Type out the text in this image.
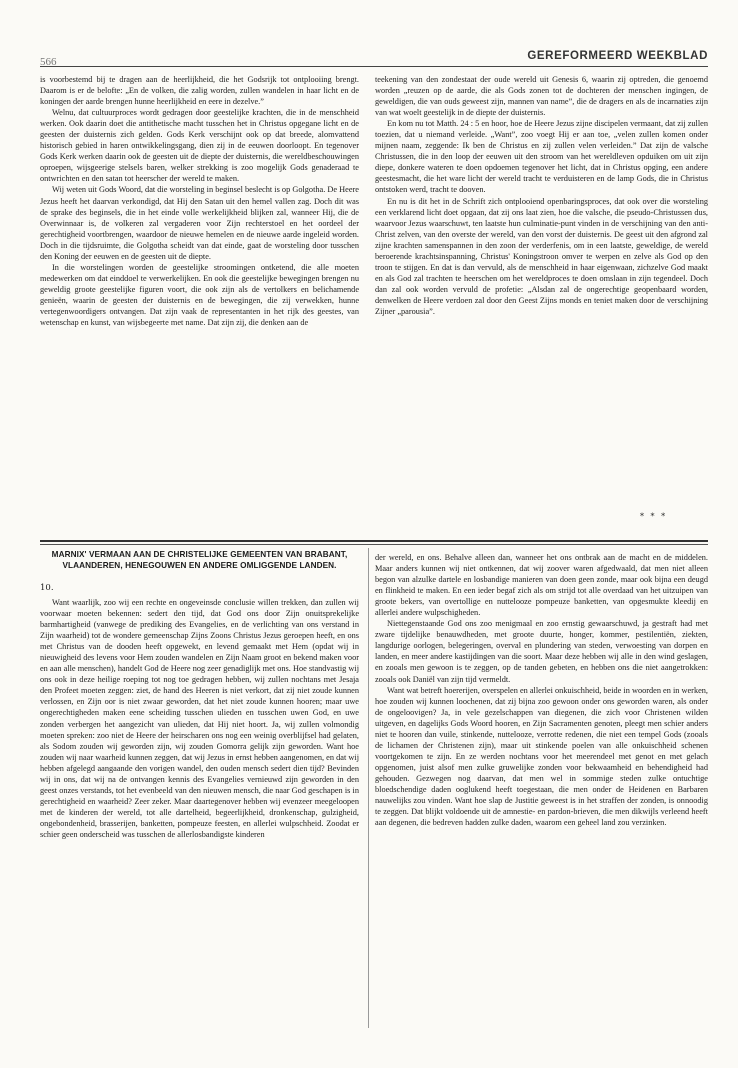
566	GEREFORMEERD WEEKBLAD

is voorbestemd bij te dragen aan de heerlijkheid, die het Godsrijk tot ontplooiing brengt. Daarom is er de belofte: „En de volken, die zalig worden, zullen wandelen in haar licht en de koningen der aarde brengen hunne heerlijkheid en eere in dezelve.”

Welnu, dat cultuurproces wordt gedragen door geestelijke krachten, die in de menschheid werken. Ook daarin doet die antithetische macht tusschen het in Christus opgegane licht en de geesten der duisternis zich gelden. Gods Kerk verschijnt ook op dat breede, alomvattend historisch gebied in haren ontwikkelingsgang, dien zij in de eeuwen doorloopt. En tegenover Gods Kerk werken daarin ook de geesten uit de diepte der duisternis, die wereldbeschouwingen oproepen, wijsgeerige stelsels baren, welker strekking is zoo mogelijk Gods genaderaad te ontwrichten en den satan tot heerscher der wereld te maken.

Wij weten uit Gods Woord, dat die worsteling in beginsel beslecht is op Golgotha. De Heere Jezus heeft het daarvan verkondigd, dat Hij den Satan uit den hemel vallen zag. Doch dit was de sprake des beginsels, die in het einde volle werkelijkheid blijken zal, wanneer Hij, die de Overwinnaar is, de volkeren zal vergaderen voor Zijn rechterstoel en het oordeel der gerechtigheid voortbrengen, waardoor de nieuwe hemelen en de nieuwe aarde ingeleid worden. Doch in die tijdsruimte, die Golgotha scheidt van dat einde, gaat de worsteling door tusschen den Koning der eeuwen en de geesten uit de diepte.

In die worstelingen worden de geestelijke stroomingen ontketend, die alle moeten medewerken om dat einddoel te verwerkelijken. En ook die geestelijke bewegingen brengen nu geweldig groote geestelijke figuren voort, die ook zijn als de vertolkers en belichamende genieën, waarin de geesten der duisternis en de bewegingen, die zij verwekken, hunne vertegenwoordigers ontvangen. Dat zijn vaak de representanten in het rijk des geestes, van wetenschap en kunst, van wijsbegeerte met name. Dat zijn zij, die denken aan de

teekening van den zondestaat der oude wereld uit Genesis 6, waarin zij optreden, die genoemd worden „reuzen op de aarde, die als Gods zonen tot de dochteren der menschen ingingen, de geweldigen, die van ouds geweest zijn, mannen van name”, die de dragers en als de incarnaties zijn van wat woelt geestelijk in de diepte der duisternis.

En kom nu tot Matth. 24 : 5 en hoor, hoe de Heere Jezus zijne discipelen vermaant, dat zij zullen toezien, dat u niemand verleide. „Want”, zoo voegt Hij er aan toe, „velen zullen komen onder mijnen naam, zeggende: Ik ben de Christus en zij zullen velen verleiden.” Dat zijn de valsche Christussen, die in den loop der eeuwen uit den stroom van het wereldleven opduiken om uit zijn diepe, donkere wateren te doen opdoemen tegenover het licht, dat in Christus opging, een andere geestesmacht, die het ware licht der wereld tracht te verduisteren en de lamp Gods, die in Christus ontstoken werd, tracht te dooven.

En nu is dit het in de Schrift zich ontplooiend openbaringsproces, dat ook over die worsteling een verklarend licht doet opgaan, dat zij ons laat zien, hoe die valsche, die pseudo-Christussen dus, waarvoor Jezus waarschuwt, ten laatste hun culminatie-punt vinden in de verschijning van den anti-Christ zelven, van den overste der wereld, van den vorst der duisternis. De geest uit den afgrond zal zijne krachten samenspannen in den zoon der verderfenis, om in een laatste, geweldige, de wereld beroerende krachtsinspanning, Christus' Koningstroon omver te werpen en zelve als God op den troon te stijgen. En dat is dan vervuld, als de menschheid in haar eigenwaan, zichzelve God maakt en als God zal trachten te heerschen om het wereldproces te doen omslaan in zijn tegendeel. Doch dan zal ook worden vervuld de profetie: „Alsdan zal de ongerechtige geopenbaard worden, denwelken de Heere verdoen zal door den Geest Zijns monds en teniet maken door de verschijning Zijner „parousia”.

* * *
MARNIX' VERMAAN AAN DE CHRISTELIJKE GEMEENTEN VAN BRABANT, VLAANDEREN, HENEGOUWEN EN ANDERE OMLIGGENDE LANDEN.
10.

Want waarlijk, zoo wij een rechte en ongeveinsde conclusie willen trekken, dan zullen wij voorwaar moeten bekennen: sedert den tijd, dat God ons door Zijn onuitsprekelijke barmhartigheid (vanwege de prediking des Evangelies, en de verlichting van ons verstand in Zijn waarheid) tot de wondere gemeenschap Zijns Zoons Christus Jezus geroepen heeft, en ons met Christus van de dooden heeft opgewekt, en levend gemaakt met Hem (opdat wij in nieuwigheid des levens voor Hem zouden wandelen en Zijn Naam groot en bekend maken voor en aan alle menschen), handelt God de Heere nog zeer genadiglijk met ons. Hoe standvastig wij ons ook in deze heilige roeping tot nog toe gedragen hebben, wij zullen nochtans met Jesaja den Profeet moeten zeggen: ziet, de hand des Heeren is niet verkort, dat zij niet zoude kunnen verlossen, en Zijn oor is niet zwaar geworden, dat het niet zoude kunnen hooren; maar uwe ongerechtigheden maken eene scheiding tusschen ulieden en tusschen uwen God, en uwe zonden verbergen het aangezicht van ulieden, dat Hij niet hoort. Ja, wij zullen volmondig moeten spreken: zoo niet de Heere der heirscharen ons nog een weinig overblijfsel had gelaten, als Sodom zouden wij geworden zijn, wij zouden Gomorra gelijk zijn geworden. Want hoe zouden wij naar waarheid kunnen zeggen, dat wij Jezus in ernst hebben aangenomen, en dat wij hebben afgelegd aangaande den vorigen wandel, den ouden mensch sedert dien tijd? Bevinden wij in ons, dat wij na de ontvangen kennis des Evangelies vernieuwd zijn geworden in den geest onzes verstands, tot het evenbeeld van den nieuwen mensch, die naar God geschapen is in gerechtigheid en waarheid? Zeer zeker. Maar daartegenover hebben wij evenzeer meegeloopen met de kinderen der wereld, tot alle dartelheid, begeerlijkheid, dronkenschap, gulzigheid, ongebondenheid, brasserijen, banketten, pompeuze feesten, en allerlei wulpschheid. Zoodat er schier geen onderscheid was tusschen de allerlosbandigste kinderen

der wereld, en ons. Behalve alleen dan, wanneer het ons ontbrak aan de macht en de middelen. Maar anders kunnen wij niet ontkennen, dat wij zoover waren afgedwaald, dat men niet alleen begon van alzulke dartele en losbandige manieren van doen geen zonde, maar ook bijna een deugd en flinkheid te maken. En een ieder begaf zich als om strijd tot alle overdaad van het uitzuipen van groote bekers, van overtollige en nuttelooze pompeuze banketten, van opgesmukte kleedij en allerlei andere wulpschigheden.

Niettegenstaande God ons zoo menigmaal en zoo ernstig gewaarschuwd, ja gestraft had met zware tijdelijke benauwdheden, met groote duurte, honger, kommer, pestilentiën, ziekten, langdurige oorlogen, belegeringen, overval en plundering van steden, verwoesting van dorpen en landen, en meer andere kastijdingen van die soort. Maar deze hebben wij alle in den wind geslagen, en zooals men gewoon is te zeggen, op de tanden gebeten, en hebben ons die niet aangetrokken: zooals ook Daniël van zijn tijd vermeldt.

Want wat betreft hoererijen, overspelen en allerlei onkuischheid, beide in woorden en in werken, hoe zouden wij kunnen loochenen, dat zij bijna zoo gewoon onder ons geworden waren, als onder de ongeloovigen? Ja, in vele gezelschappen van diegenen, die zich voor Christenen wilden uitgeven, en dagelijks Gods Woord hooren, en Zijn Sacramenten genoten, pleegt men schier anders niet te hooren dan vuile, stinkende, nuttelooze, verrotte redenen, die niet een tempel Gods (zooals de lichamen der Christenen zijn), maar uit stinkende poelen van alle onkuischheid schenen voortgekomen te zijn. En ze werden nochtans voor het meerendeel met genot en met gelach opgenomen, juist alsof men zulke gruwelijke zonden voor bekwaamheid en behendigheid had gehouden. Gezwegen nog daarvan, dat men wel in sommige steden zulke ontuchtige bloedschendige daden ooglukend heeft toegestaan, die men onder de Heidenen en Barbaren nauwelijks zou vinden. Want hoe slap de Justitie geweest is in het straffen der zonden, is onnoodig te zeggen. Dat blijkt voldoende uit de amnestie- en pardon-brieven, die men dikwijls verleend heeft aan degenen, die bedreven hadden zulke daden, waarom een geheel land zou verzinken.
